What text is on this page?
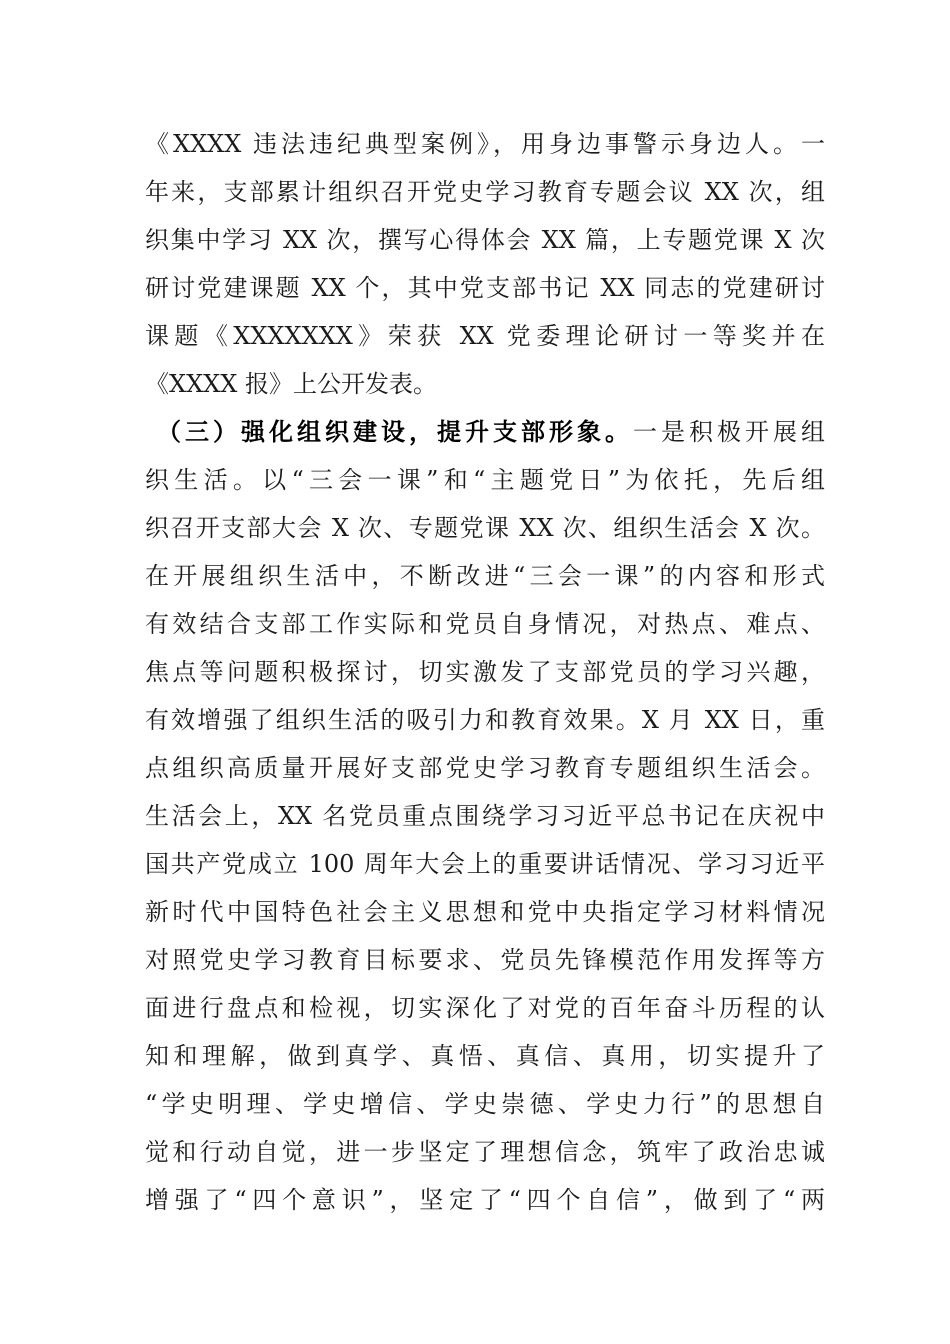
《XXXX 违法违纪典型案例》，用身边事警示身边人。一
年来，支部累计组织召开党史学习教育专题会议 XX 次，组
织集中学习 XX 次，撰写心得体会 XX 篇，上专题党课 X 次
研讨党建课题 XX 个，其中党支部书记 XX 同志的党建研讨
课题《XXXXXXX》荣获 XX 党委理论研讨一等奖并在
《XXXX 报》上公开发表。
（三）强化组织建设，提升支部形象。一是积极开展组
织生活。以“三会一课”和“主题党日”为依托，先后组
织召开支部大会 X 次、专题党课 XX 次、组织生活会 X 次。
在开展组织生活中，不断改进“三会一课”的内容和形式
有效结合支部工作实际和党员自身情况，对热点、难点、
焦点等问题积极探讨，切实激发了支部党员的学习兴趣，
有效增强了组织生活的吸引力和教育效果。X 月 XX 日，重
点组织高质量开展好支部党史学习教育专题组织生活会。
生活会上，XX 名党员重点围绕学习习近平总书记在庆祝中
国共产党成立 100 周年大会上的重要讲话情况、学习习近平
新时代中国特色社会主义思想和党中央指定学习材料情况
对照党史学习教育目标要求、党员先锋模范作用发挥等方
面进行盘点和检视，切实深化了对党的百年奋斗历程的认
知和理解，做到真学、真悟、真信、真用，切实提升了
“学史明理、学史增信、学史崇德、学史力行”的思想自
觉和行动自觉，进一步坚定了理想信念，筑牢了政治忠诚
增强了“四个意识”，坚定了“四个自信”，做到了“两
